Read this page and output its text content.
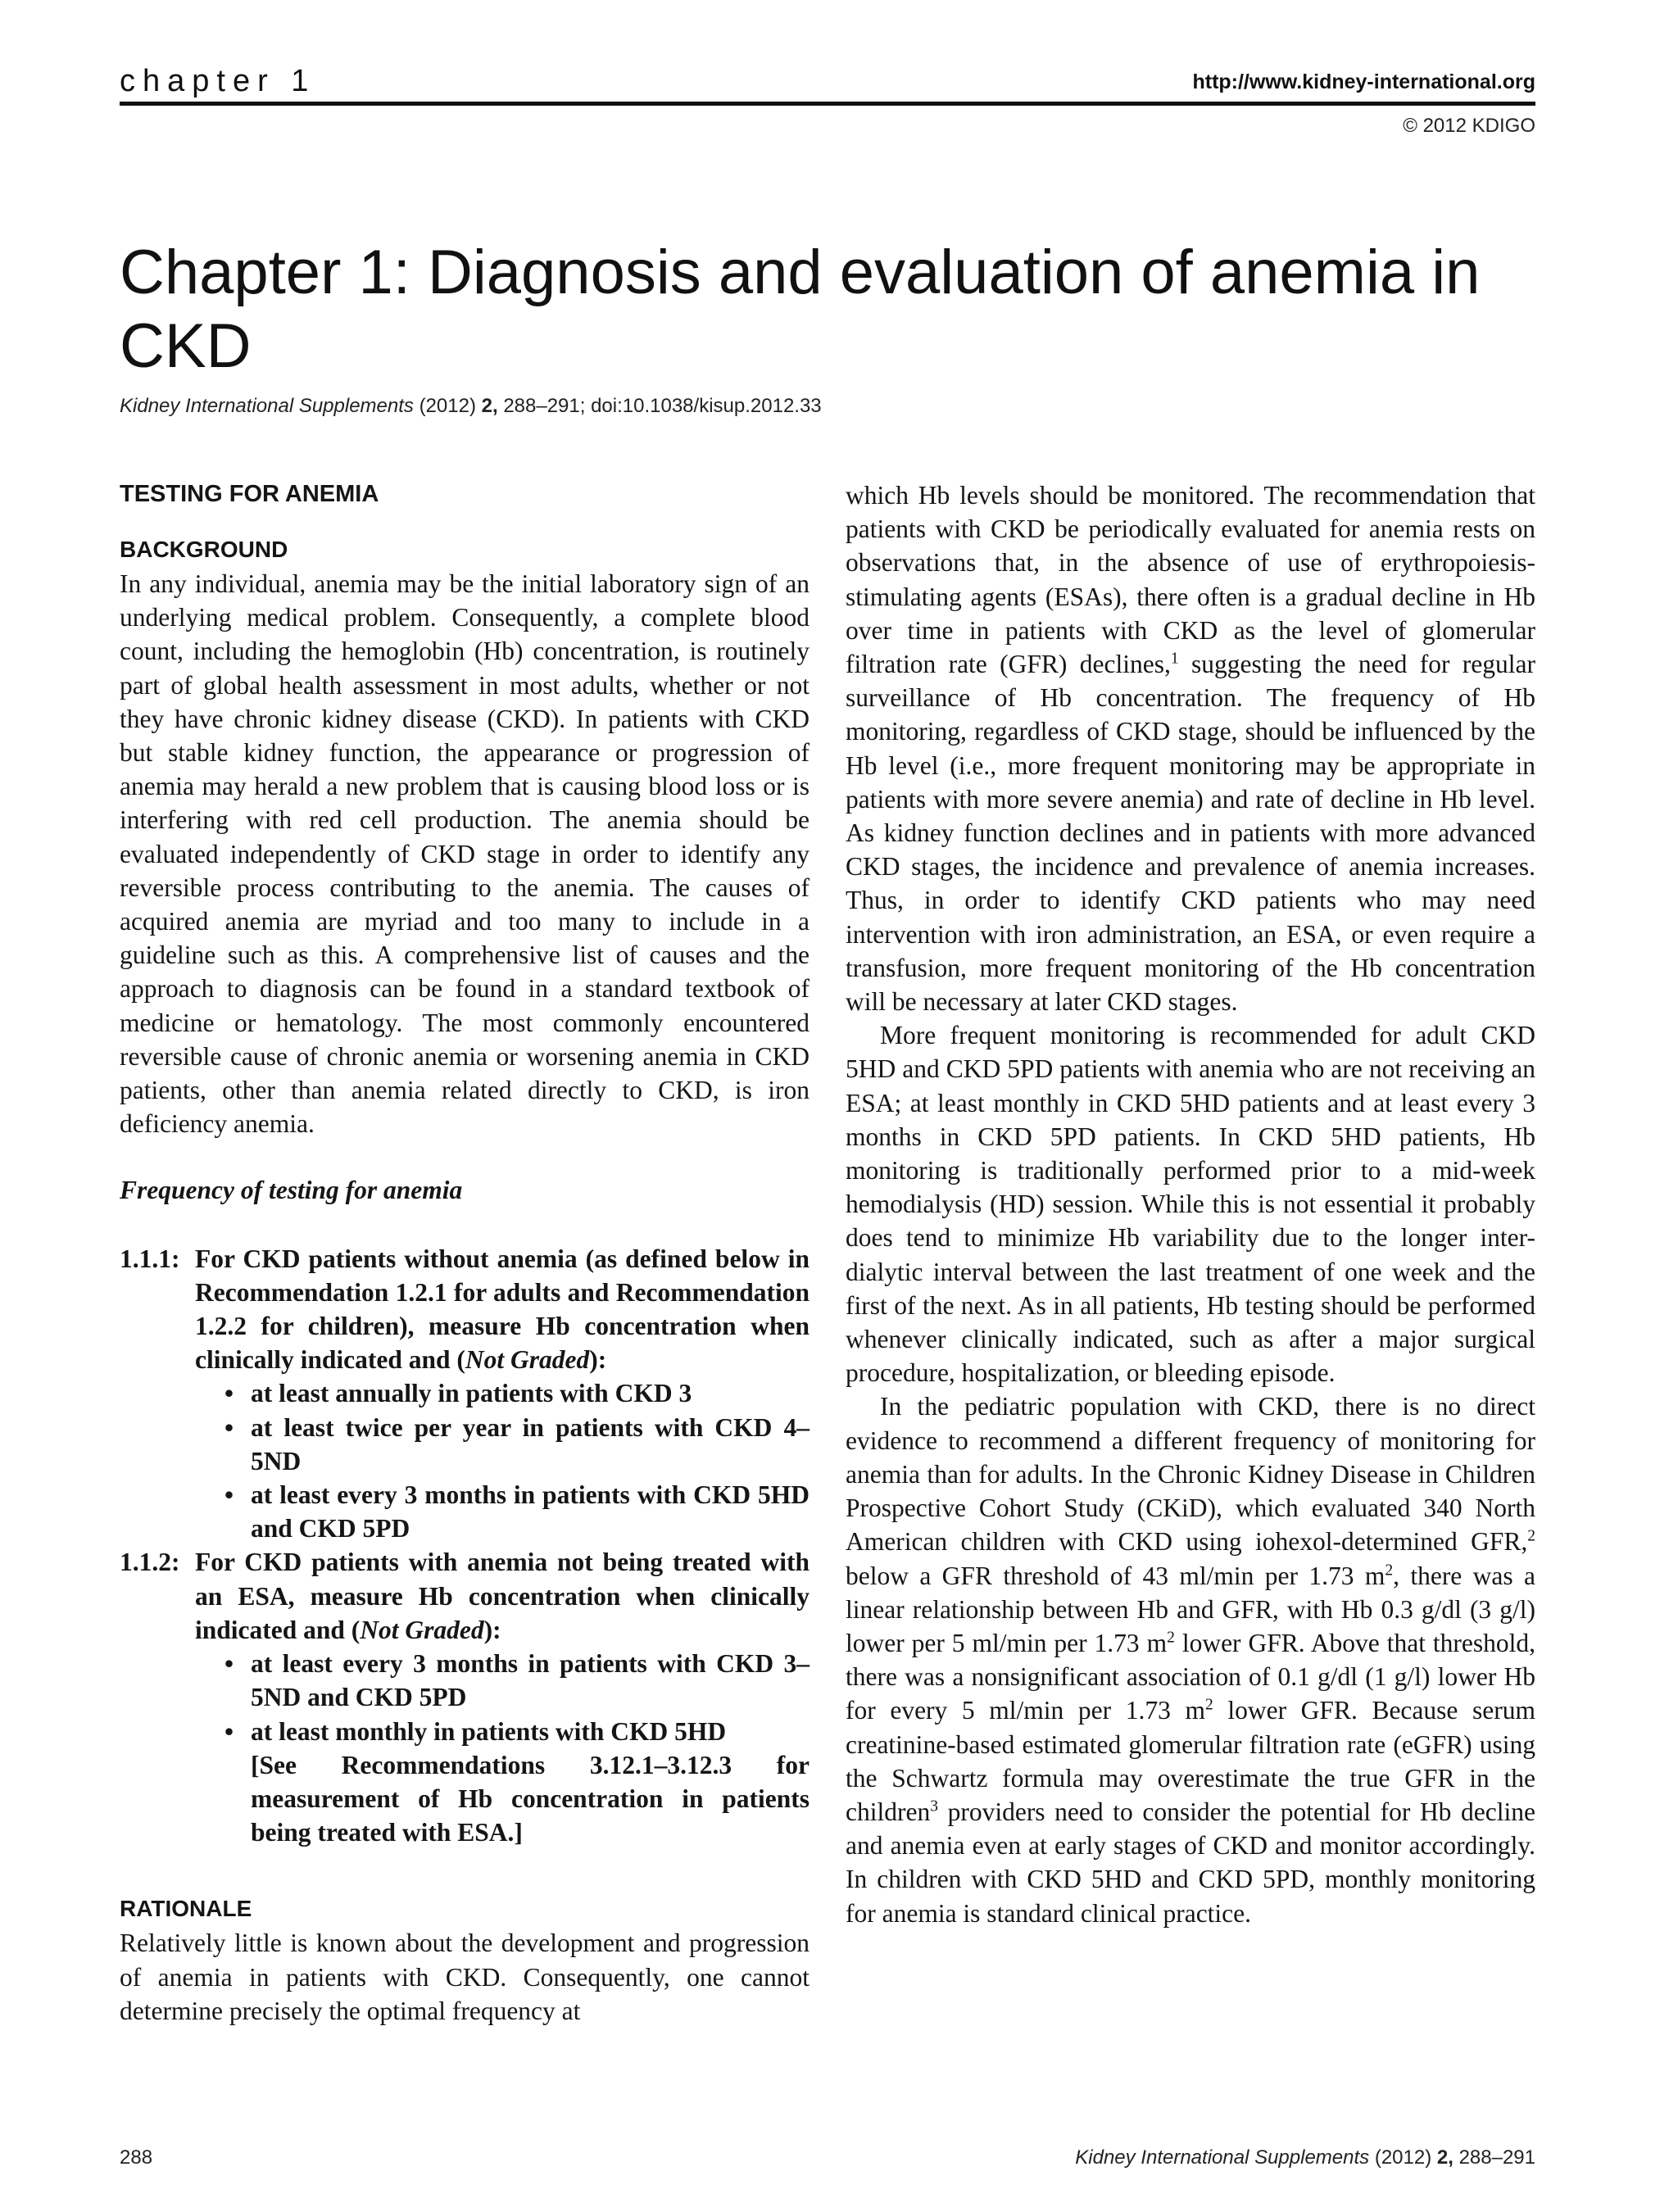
chapter 1	http://www.kidney-international.org
© 2012 KDIGO
Chapter 1: Diagnosis and evaluation of anemia in CKD
Kidney International Supplements (2012) 2, 288–291; doi:10.1038/kisup.2012.33
TESTING FOR ANEMIA
BACKGROUND

In any individual, anemia may be the initial laboratory sign of an underlying medical problem. Consequently, a complete blood count, including the hemoglobin (Hb) concentration, is routinely part of global health assessment in most adults, whether or not they have chronic kidney disease (CKD). In patients with CKD but stable kidney function, the appearance or progression of anemia may herald a new problem that is causing blood loss or is interfering with red cell production. The anemia should be evaluated independently of CKD stage in order to identify any reversible process contributing to the anemia. The causes of acquired anemia are myriad and too many to include in a guideline such as this. A comprehensive list of causes and the approach to diagnosis can be found in a standard textbook of medicine or hematology. The most commonly encountered reversible cause of chronic anemia or worsening anemia in CKD patients, other than anemia related directly to CKD, is iron deficiency anemia.

Frequency of testing for anemia

1.1.1: For CKD patients without anemia (as defined below in Recommendation 1.2.1 for adults and Recommendation 1.2.2 for children), measure Hb concentration when clinically indicated and (Not Graded):
• at least annually in patients with CKD 3
• at least twice per year in patients with CKD 4–5ND
• at least every 3 months in patients with CKD 5HD and CKD 5PD
1.1.2: For CKD patients with anemia not being treated with an ESA, measure Hb concentration when clinically indicated and (Not Graded):
• at least every 3 months in patients with CKD 3–5ND and CKD 5PD
• at least monthly in patients with CKD 5HD
[See Recommendations 3.12.1–3.12.3 for measurement of Hb concentration in patients being treated with ESA.]
RATIONALE

Relatively little is known about the development and progression of anemia in patients with CKD. Consequently, one cannot determine precisely the optimal frequency at

which Hb levels should be monitored. The recommendation that patients with CKD be periodically evaluated for anemia rests on observations that, in the absence of use of erythropoiesis-stimulating agents (ESAs), there often is a gradual decline in Hb over time in patients with CKD as the level of glomerular filtration rate (GFR) declines,$^1$ suggesting the need for regular surveillance of Hb concentration. The frequency of Hb monitoring, regardless of CKD stage, should be influenced by the Hb level (i.e., more frequent monitoring may be appropriate in patients with more severe anemia) and rate of decline in Hb level. As kidney function declines and in patients with more advanced CKD stages, the incidence and prevalence of anemia increases. Thus, in order to identify CKD patients who may need intervention with iron administration, an ESA, or even require a transfusion, more frequent monitoring of the Hb concentration will be necessary at later CKD stages.

More frequent monitoring is recommended for adult CKD 5HD and CKD 5PD patients with anemia who are not receiving an ESA; at least monthly in CKD 5HD patients and at least every 3 months in CKD 5PD patients. In CKD 5HD patients, Hb monitoring is traditionally performed prior to a mid-week hemodialysis (HD) session. While this is not essential it probably does tend to minimize Hb variability due to the longer inter-dialytic interval between the last treatment of one week and the first of the next. As in all patients, Hb testing should be performed whenever clinically indicated, such as after a major surgical procedure, hospitalization, or bleeding episode.

In the pediatric population with CKD, there is no direct evidence to recommend a different frequency of monitoring for anemia than for adults. In the Chronic Kidney Disease in Children Prospective Cohort Study (CKiD), which evaluated 340 North American children with CKD using iohexol-determined GFR,$^2$ below a GFR threshold of 43 ml/min per 1.73 $m^2$, there was a linear relationship between Hb and GFR, with Hb 0.3 g/dl (3 g/l) lower per 5 ml/min per 1.73 $m^2$ lower GFR. Above that threshold, there was a nonsignificant association of 0.1 g/dl (1 g/l) lower Hb for every 5 ml/min per 1.73 $m^2$ lower GFR. Because serum creatinine-based estimated glomerular filtration rate (eGFR) using the Schwartz formula may overestimate the true GFR in the children$^3$ providers need to consider the potential for Hb decline and anemia even at early stages of CKD and monitor accordingly. In children with CKD 5HD and CKD 5PD, monthly monitoring for anemia is standard clinical practice.

288	Kidney International Supplements (2012) 2, 288–291
